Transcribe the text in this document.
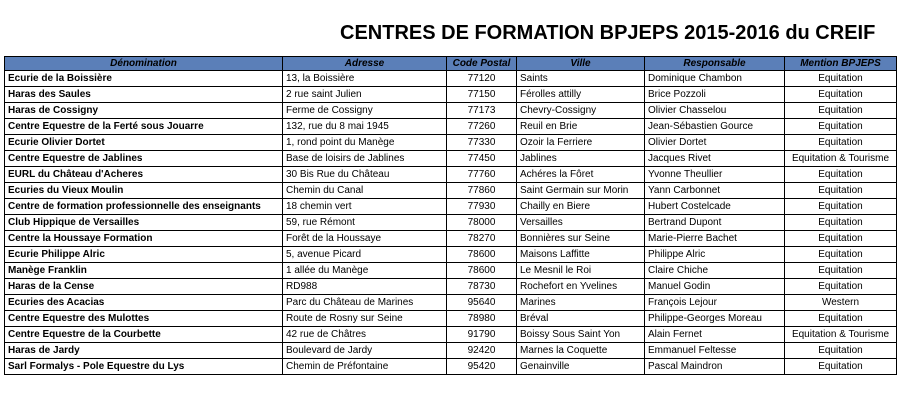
CENTRES DE FORMATION BPJEPS 2015-2016 du CREIF
Dénomination	Adresse	Code Postal	Ville	Responsable	Mention BPJEPS
Ecurie de la Boissière	13, la Boissière	77120	Saints	Dominique Chambon	Equitation
Haras des Saules	2 rue saint Julien	77150	Férolles attilly	Brice Pozzoli	Equitation
Haras de Cossigny	Ferme de Cossigny	77173	Chevry-Cossigny	Olivier Chasselou	Equitation
Centre Equestre de la Ferté sous Jouarre	132, rue du 8 mai 1945	77260	Reuil en Brie	Jean-Sébastien Gource	Equitation
Ecurie Olivier Dortet	1, rond point du Manège	77330	Ozoir la Ferriere	Olivier Dortet	Equitation
Centre Equestre de Jablines	Base de loisirs de Jablines	77450	Jablines	Jacques Rivet	Equitation & Tourisme
EURL du Château d'Acheres	30 Bis Rue du Château	77760	Achéres la Fôret	Yvonne Theullier	Equitation
Ecuries du Vieux Moulin	Chemin du Canal	77860	Saint Germain sur Morin	Yann Carbonnet	Equitation
Centre de formation professionnelle des enseignants	18 chemin vert	77930	Chailly en Biere	Hubert Costelcade	Equitation
Club Hippique de Versailles	59, rue Rémont	78000	Versailles	Bertrand Dupont	Equitation
Centre la Houssaye Formation	Forêt de la Houssaye	78270	Bonnières sur Seine	Marie-Pierre Bachet	Equitation
Ecurie Philippe Alric	5, avenue Picard	78600	Maisons Laffitte	Philippe Alric	Equitation
Manège Franklin	1 allée du Manège	78600	Le Mesnil le Roi	Claire Chiche	Equitation
Haras de la Cense	RD988	78730	Rochefort en Yvelines	Manuel Godin	Equitation
Ecuries des Acacias	Parc du Château de Marines	95640	Marines	François Lejour	Western
Centre Equestre des Mulottes	Route de Rosny sur Seine	78980	Bréval	Philippe-Georges Moreau	Equitation
Centre Equestre de la Courbette	42 rue de Châtres	91790	Boissy Sous Saint Yon	Alain Fernet	Equitation & Tourisme
Haras de Jardy	Boulevard de Jardy	92420	Marnes la Coquette	Emmanuel Feltesse	Equitation
Sarl Formalys - Pole Equestre du Lys	Chemin de Préfontaine	95420	Genainville	Pascal Maindron	Equitation
